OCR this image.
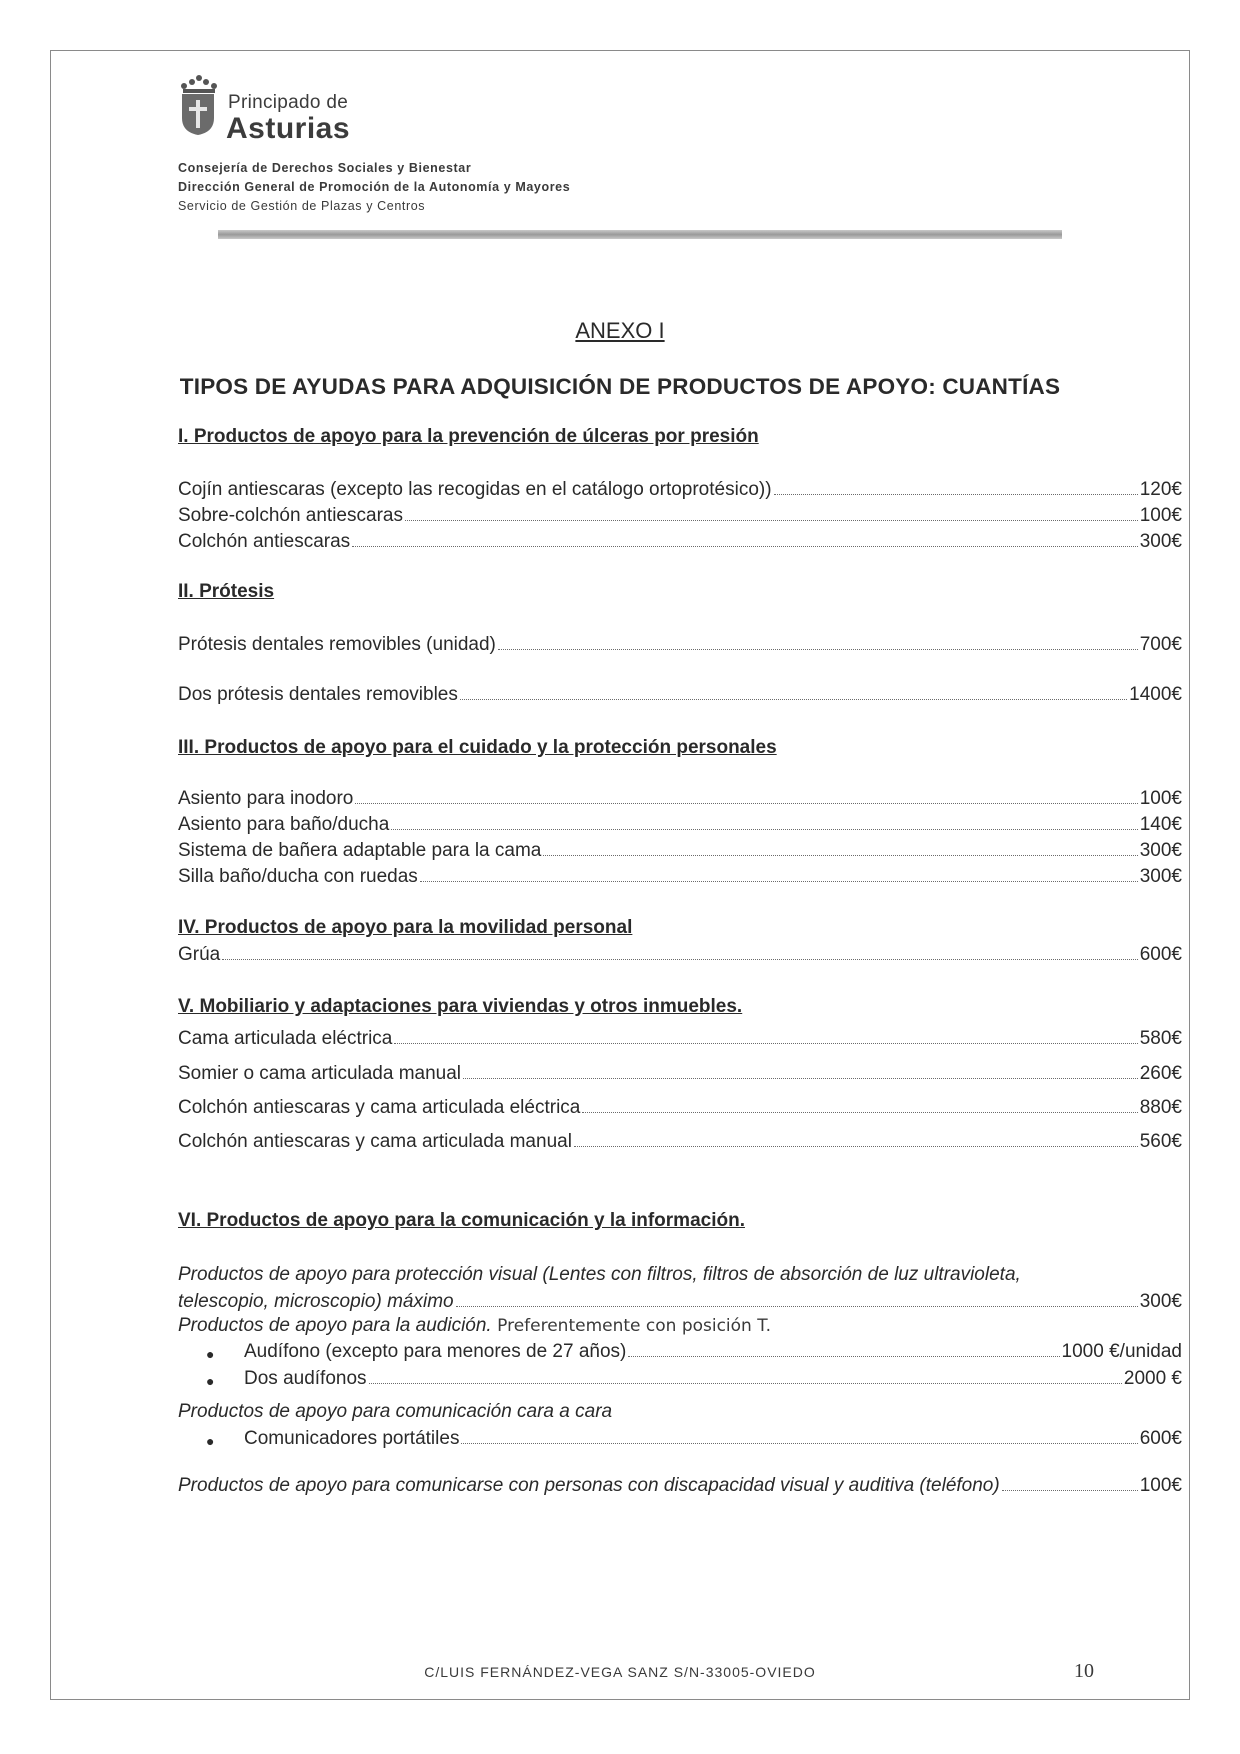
Principado de
Asturias
Consejería de Derechos Sociales y Bienestar
Dirección General de Promoción de la Autonomía y Mayores
Servicio de Gestión de Plazas y Centros
ANEXO I
TIPOS DE AYUDAS PARA ADQUISICIÓN DE PRODUCTOS DE APOYO: CUANTÍAS
I. Productos de apoyo para la prevención de úlceras por presión
Cojín antiescaras (excepto las recogidas en el catálogo ortoprotésico))	120€
Sobre-colchón antiescaras	100€
Colchón antiescaras	300€
II. Prótesis
Prótesis dentales removibles (unidad)	700€
Dos prótesis dentales removibles	1400€
III. Productos de apoyo para el cuidado y la protección personales
Asiento para inodoro	100€
Asiento para baño/ducha	140€
Sistema de bañera adaptable para la cama	300€
Silla baño/ducha con ruedas	300€
IV. Productos de apoyo para la movilidad personal
Grúa	600€
V. Mobiliario y adaptaciones para viviendas y otros inmuebles.
Cama articulada eléctrica	580€
Somier o cama articulada manual	260€
Colchón antiescaras y cama articulada eléctrica	880€
Colchón antiescaras y cama articulada manual	560€
VI. Productos de apoyo para la comunicación y la información.
Productos de apoyo para protección visual (Lentes con filtros, filtros de absorción de luz ultravioleta,
telescopio, microscopio) máximo	300€
Productos de apoyo para la audición. Preferentemente con posición T.
● Audífono (excepto para menores de 27 años)	1000 €/unidad
● Dos audífonos	2000 €
Productos de apoyo para comunicación cara a cara
● Comunicadores portátiles	600€
Productos de apoyo para comunicarse con personas con discapacidad visual y auditiva (teléfono)	100€
C/LUIS FERNÁNDEZ-VEGA SANZ S/N-33005-OVIEDO	10
